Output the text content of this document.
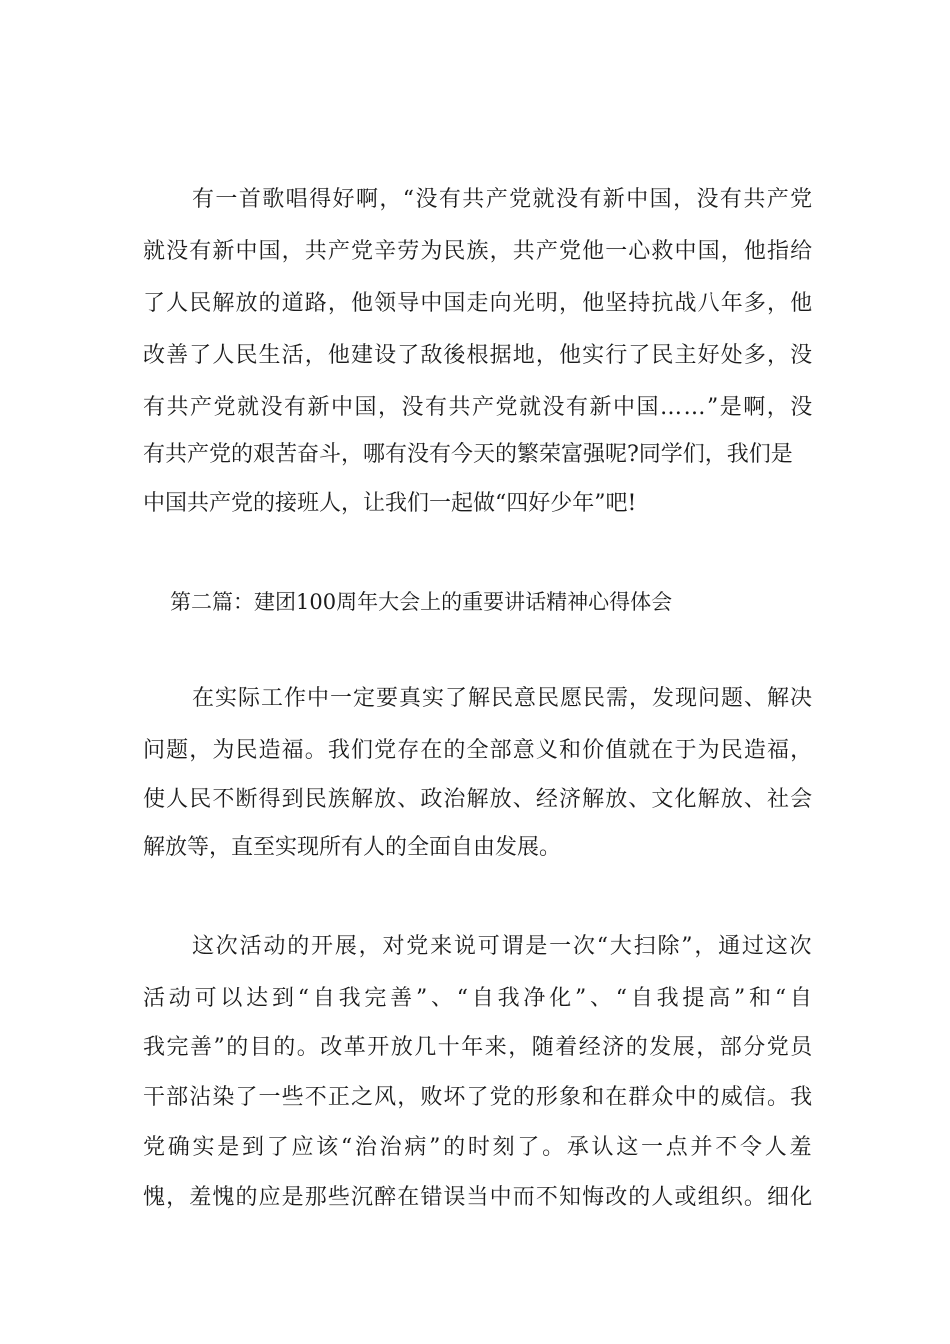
有一首歌唱得好啊，“没有共产党就没有新中国，没有共产党
就没有新中国，共产党辛劳为民族，共产党他一心救中国，他指给
了人民解放的道路，他领导中国走向光明，他坚持抗战八年多，他
改善了人民生活，他建设了敌後根据地，他实行了民主好处多，没
有共产党就没有新中国，没有共产党就没有新中国……”是啊，没
有共产党的艰苦奋斗，哪有没有今天的繁荣富强呢?同学们，我们是
中国共产党的接班人，让我们一起做“四好少年”吧!
第二篇：建团100周年大会上的重要讲话精神心得体会
在实际工作中一定要真实了解民意民愿民需，发现问题、解决
问题，为民造福。我们党存在的全部意义和价值就在于为民造福，
使人民不断得到民族解放、政治解放、经济解放、文化解放、社会
解放等，直至实现所有人的全面自由发展。
这次活动的开展，对党来说可谓是一次“大扫除”，通过这次
活动可以达到“自我完善”、“自我净化”、“自我提高”和“自
我完善”的目的。改革开放几十年来，随着经济的发展，部分党员
干部沾染了一些不正之风，败坏了党的形象和在群众中的威信。我
党确实是到了应该“治治病”的时刻了。承认这一点并不令人羞
愧，羞愧的应是那些沉醉在错误当中而不知悔改的人或组织。细化
